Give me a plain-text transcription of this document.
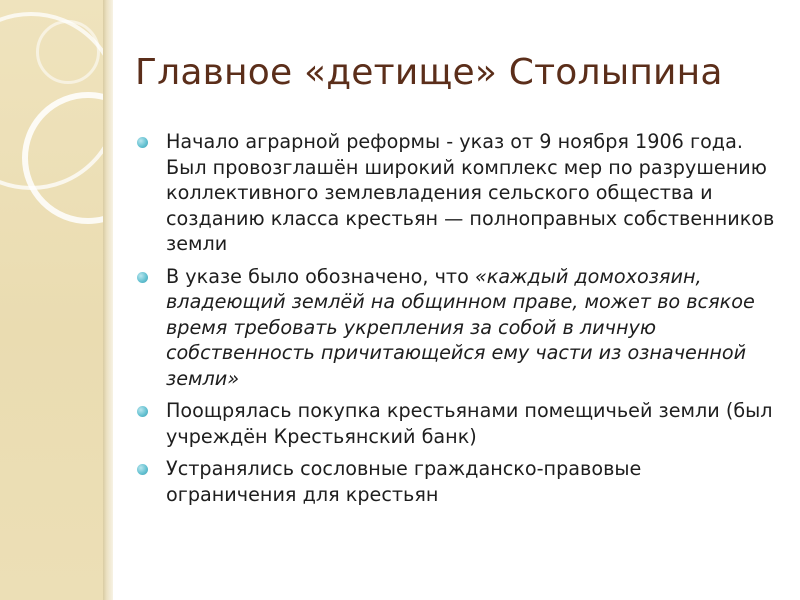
Главное «детище» Столыпина
Начало аграрной реформы - указ от 9 ноября 1906 года. Был провозглашён широкий комплекс мер по разрушению коллективного землевладения сельского общества и созданию класса крестьян — полноправных собственников земли
В указе было обозначено, что «каждый домохозяин, владеющий землёй на общинном праве, может во всякое время требовать укрепления за собой в личную собственность причитающейся ему части из означенной земли»
Поощрялась покупка крестьянами помещичьей земли (был учреждён Крестьянский банк)
Устранялись сословные гражданско-правовые ограничения для крестьян
